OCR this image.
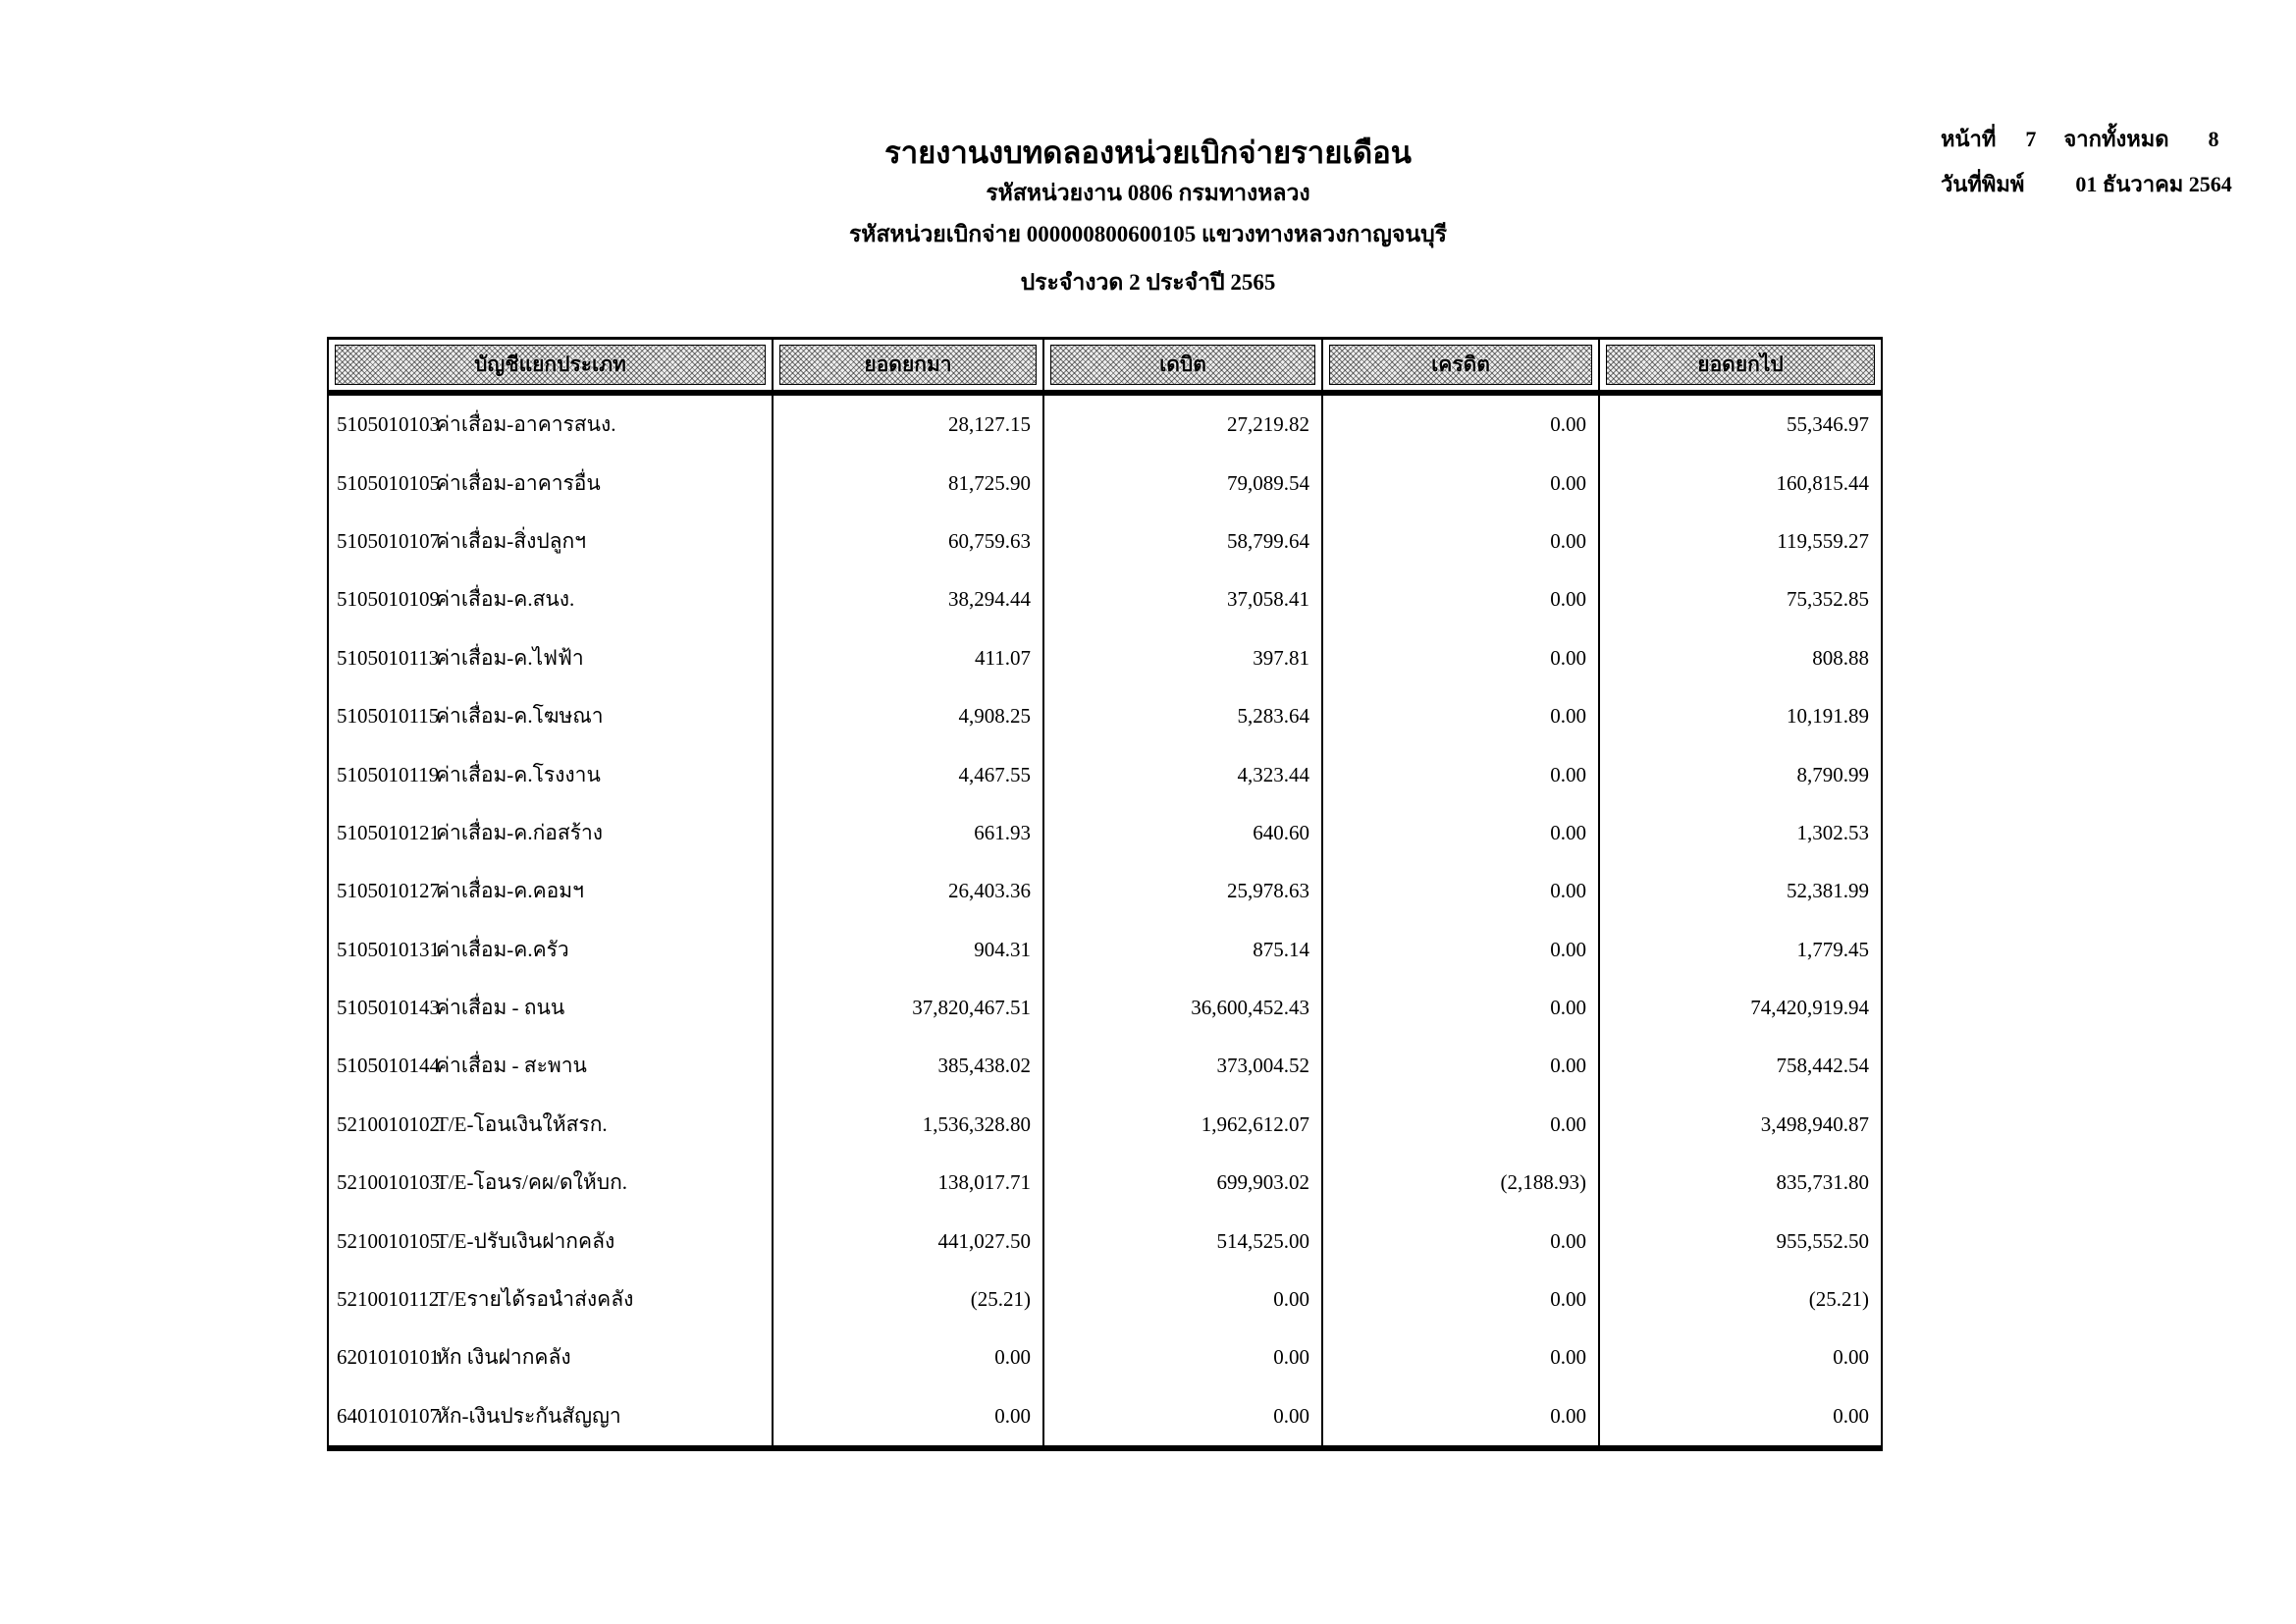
รายงานงบทดลองหน่วยเบิกจ่ายรายเดือน
รหัสหน่วยงาน 0806 กรมทางหลวง
รหัสหน่วยเบิกจ่าย 000000800600105 แขวงทางหลวงกาญจนบุรี
ประจำงวด 2 ประจำปี 2565
หน้าที่ 7 จากทั้งหมด 8
วันที่พิมพ์ 01 ธันวาคม 2564
บัญชีแยกประเภท	ยอดยกมา	เดบิต	เครดิต	ยอดยกไป
5105010103
ค่าเสื่อม-อาคารสนง.	28,127.15	27,219.82	0.00	55,346.97
5105010105
ค่าเสื่อม-อาคารอื่น	81,725.90	79,089.54	0.00	160,815.44
5105010107
ค่าเสื่อม-สิ่งปลูกฯ	60,759.63	58,799.64	0.00	119,559.27
5105010109
ค่าเสื่อม-ค.สนง.	38,294.44	37,058.41	0.00	75,352.85
5105010113
ค่าเสื่อม-ค.ไฟฟ้า	411.07	397.81	0.00	808.88
5105010115
ค่าเสื่อม-ค.โฆษณา	4,908.25	5,283.64	0.00	10,191.89
5105010119
ค่าเสื่อม-ค.โรงงาน	4,467.55	4,323.44	0.00	8,790.99
5105010121
ค่าเสื่อม-ค.ก่อสร้าง	661.93	640.60	0.00	1,302.53
5105010127
ค่าเสื่อม-ค.คอมฯ	26,403.36	25,978.63	0.00	52,381.99
5105010131
ค่าเสื่อม-ค.ครัว	904.31	875.14	0.00	1,779.45
5105010143
ค่าเสื่อม - ถนน	37,820,467.51	36,600,452.43	0.00	74,420,919.94
5105010144
ค่าเสื่อม - สะพาน	385,438.02	373,004.52	0.00	758,442.54
5210010102
T/E-โอนเงินให้สรก.	1,536,328.80	1,962,612.07	0.00	3,498,940.87
5210010103
T/E-โอนร/คผ/ดให้บก.	138,017.71	699,903.02	(2,188.93)	835,731.80
5210010105
T/E-ปรับเงินฝากคลัง	441,027.50	514,525.00	0.00	955,552.50
5210010112
T/Eรายได้รอนำส่งคลัง	(25.21)	0.00	0.00	(25.21)
6201010101
หัก เงินฝากคลัง	0.00	0.00	0.00	0.00
6401010107
หัก-เงินประกันสัญญา	0.00	0.00	0.00	0.00
